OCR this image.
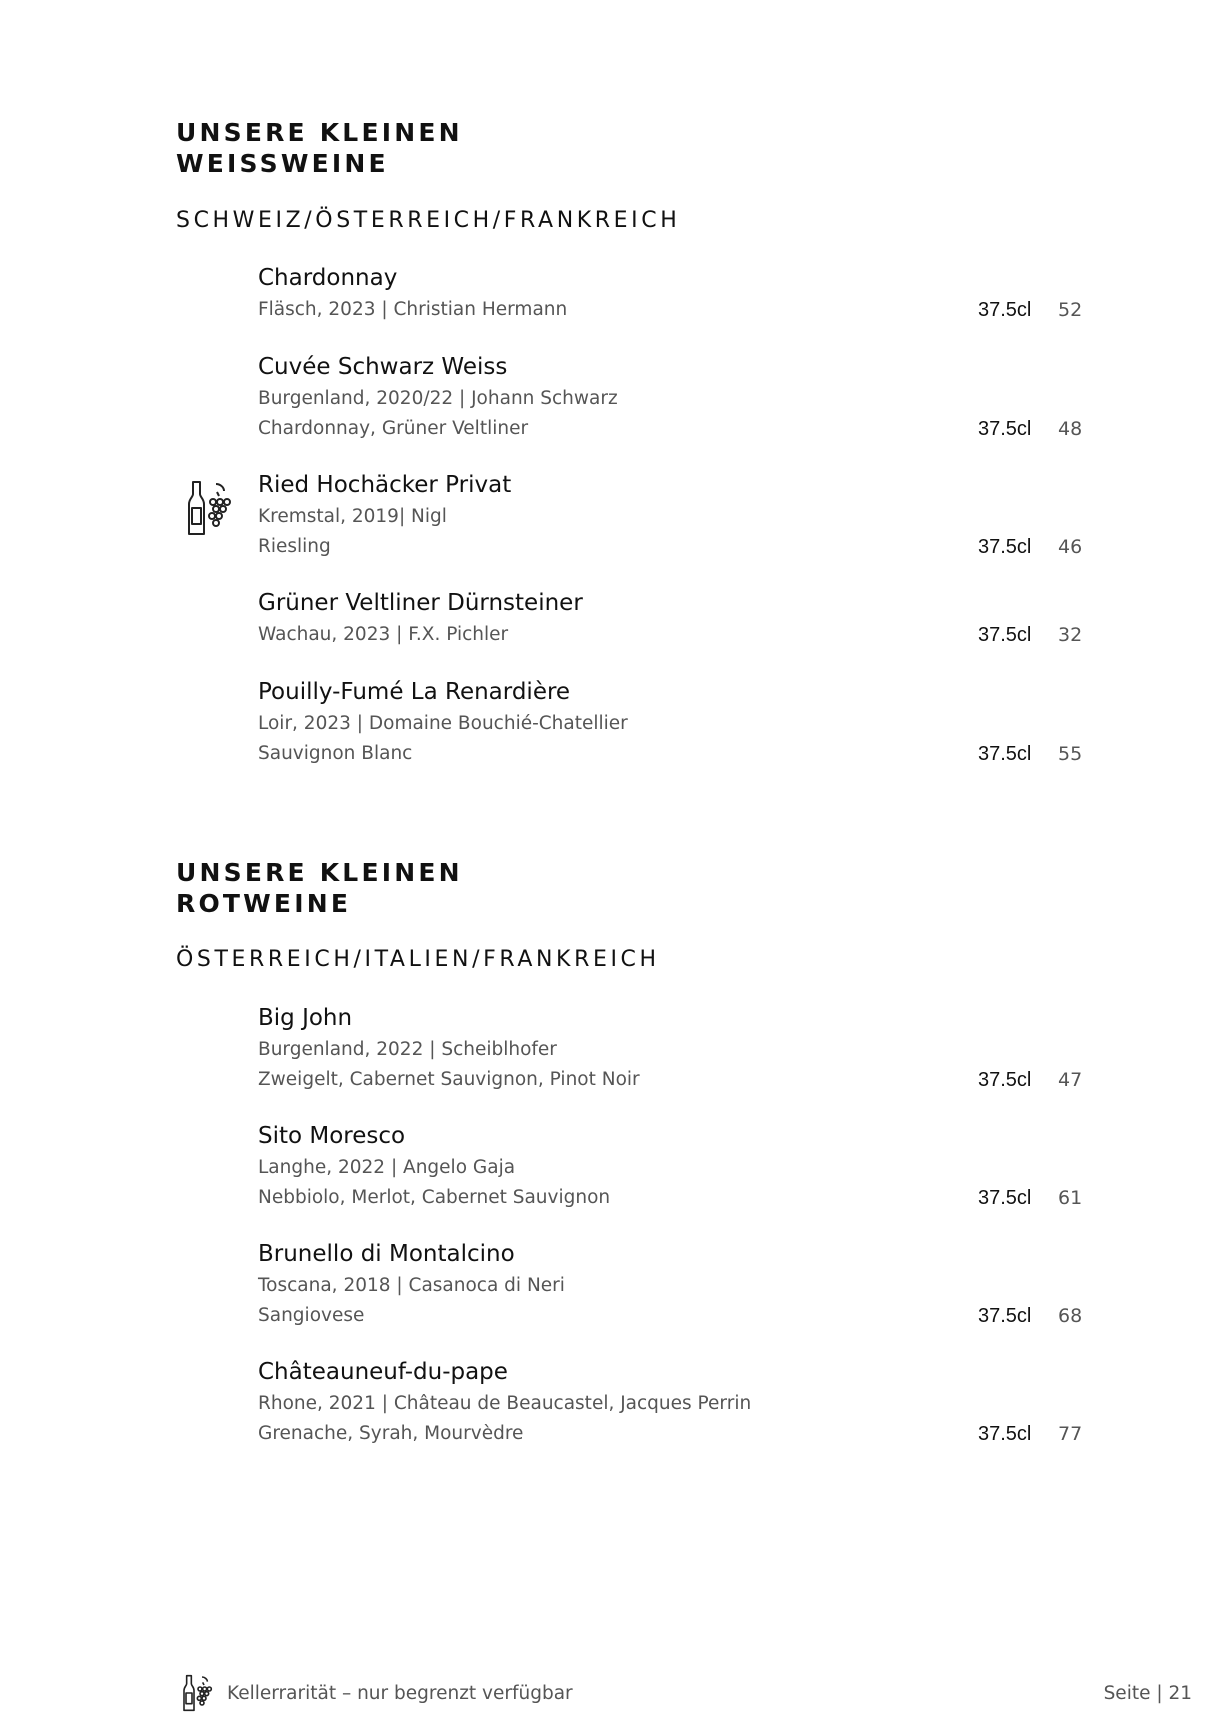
UNSERE KLEINEN
WEISSWEINE
SCHWEIZ/ÖSTERREICH/FRANKREICH
Chardonnay
Fläsch, 2023 | Christian Hermann	37.5cl 52
Cuvée Schwarz Weiss
Burgenland, 2020/22 | Johann Schwarz
Chardonnay, Grüner Veltliner	37.5cl 48
Ried Hochäcker Privat
Kremstal, 2019| Nigl
Riesling	37.5cl 46
Grüner Veltliner Dürnsteiner
Wachau, 2023 | F.X. Pichler	37.5cl 32
Pouilly-Fumé La Renardière
Loir, 2023 | Domaine Bouchié-Chatellier
Sauvignon Blanc	37.5cl 55
UNSERE KLEINEN
ROTWEINE
ÖSTERREICH/ITALIEN/FRANKREICH
Big John
Burgenland, 2022 | Scheiblhofer
Zweigelt, Cabernet Sauvignon, Pinot Noir	37.5cl 47
Sito Moresco
Langhe, 2022 | Angelo Gaja
Nebbiolo, Merlot, Cabernet Sauvignon	37.5cl 61
Brunello di Montalcino
Toscana, 2018 | Casanoca di Neri
Sangiovese	37.5cl 68
Châteauneuf-du-pape
Rhone, 2021 | Château de Beaucastel, Jacques Perrin
Grenache, Syrah, Mourvèdre	37.5cl 77
Kellerrarität – nur begrenzt verfügbar	Seite | 21
